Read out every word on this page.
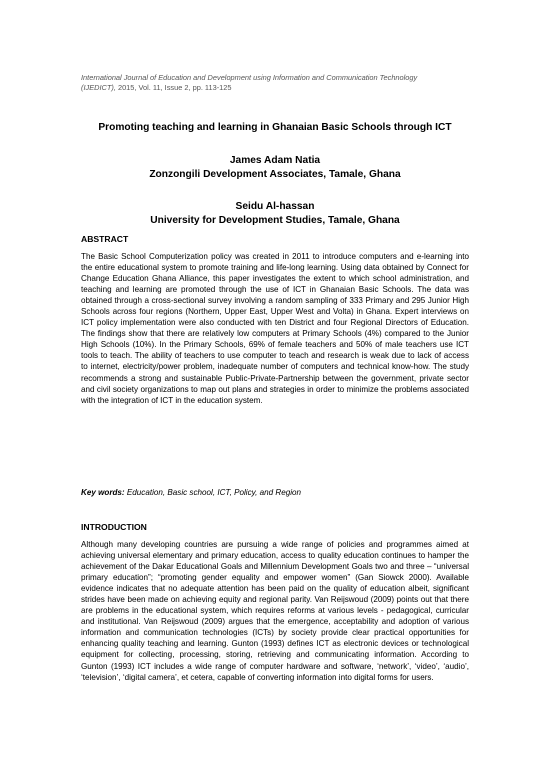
International Journal of Education and Development using Information and Communication Technology
(IJEDICT), 2015, Vol. 11, Issue 2, pp. 113-125
Promoting teaching and learning in Ghanaian Basic Schools through ICT
James Adam Natia
Zonzongili Development Associates, Tamale, Ghana
Seidu Al-hassan
University for Development Studies, Tamale, Ghana
ABSTRACT
The Basic School Computerization policy was created in 2011 to introduce computers and e-learning into the entire educational system to promote training and life-long learning. Using data obtained by Connect for Change Education Ghana Alliance, this paper investigates the extent to which school administration, and teaching and learning are promoted through the use of ICT in Ghanaian Basic Schools. The data was obtained through a cross-sectional survey involving a random sampling of 333 Primary and 295 Junior High Schools across four regions (Northern, Upper East, Upper West and Volta) in Ghana. Expert interviews on ICT policy implementation were also conducted with ten District and four Regional Directors of Education. The findings show that there are relatively low computers at Primary Schools (4%) compared to the Junior High Schools (10%). In the Primary Schools, 69% of female teachers and 50% of male teachers use ICT tools to teach. The ability of teachers to use computer to teach and research is weak due to lack of access to internet, electricity/power problem, inadequate number of computers and technical know-how. The study recommends a strong and sustainable Public-Private-Partnership between the government, private sector and civil society organizations to map out plans and strategies in order to minimize the problems associated with the integration of ICT in the education system.
Key words: Education, Basic school, ICT, Policy, and Region
INTRODUCTION
Although many developing countries are pursuing a wide range of policies and programmes aimed at achieving universal elementary and primary education, access to quality education continues to hamper the achievement of the Dakar Educational Goals and Millennium Development Goals two and three – “universal primary education”; “promoting gender equality and empower women” (Gan Siowck 2000). Available evidence indicates that no adequate attention has been paid on the quality of education albeit, significant strides have been made on achieving equity and regional parity. Van Reijswoud (2009) points out that there are problems in the educational system, which requires reforms at various levels - pedagogical, curricular and institutional. Van Reijswoud (2009) argues that the emergence, acceptability and adoption of various information and communication technologies (ICTs) by society provide clear practical opportunities for enhancing quality teaching and learning. Gunton (1993) defines ICT as electronic devices or technological equipment for collecting, processing, storing, retrieving and communicating information. According to Gunton (1993) ICT includes a wide range of computer hardware and software, ‘network’, ‘video’, ‘audio’, ‘television’, ‘digital camera’, et cetera, capable of converting information into digital forms for users.
